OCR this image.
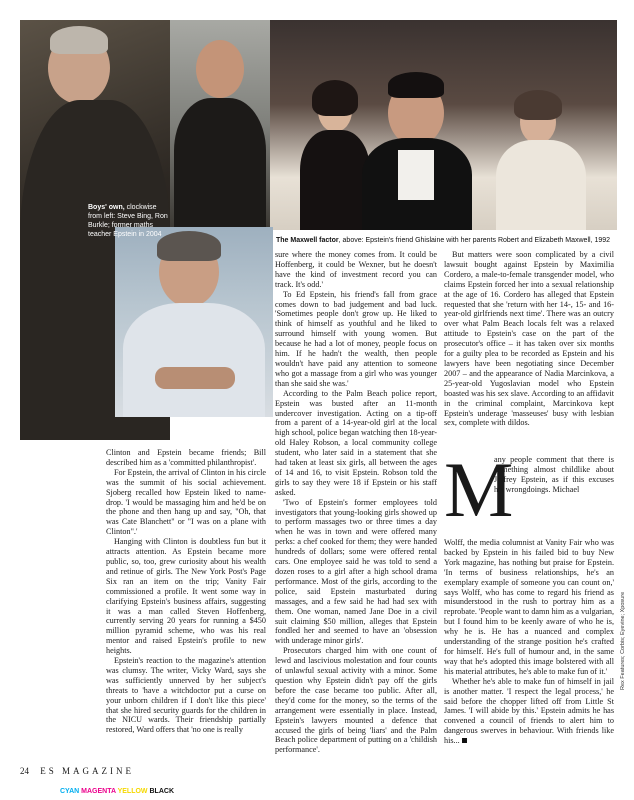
Boys' own, clockwise from left: Steve Bing, Ron Burkle; former maths teacher Epstein in 2004
The Maxwell factor, above: Epstein's friend Ghislaine with her parents Robert and Elizabeth Maxwell, 1992

Clinton and Epstein became friends; Bill described him as a 'committed philanthropist'.

For Epstein, the arrival of Clinton in his circle was the summit of his social achievement. Sjoberg recalled how Epstein liked to name-drop. 'I would be massaging him and he'd be on the phone and then hang up and say, "Oh, that was Cate Blanchett" or "I was on a plane with Clinton".'

Hanging with Clinton is doubtless fun but it attracts attention. As Epstein became more public, so, too, grew curiosity about his wealth and retinue of girls. The New York Post's Page Six ran an item on the trip; Vanity Fair commissioned a profile. It went some way in clarifying Epstein's business affairs, suggesting it was a man called Steven Hoffenberg, currently serving 20 years for running a $450 million pyramid scheme, who was his real mentor and raised Epstein's profile to new heights.

Epstein's reaction to the magazine's attention was clumsy. The writer, Vicky Ward, says she was sufficiently unnerved by her subject's threats to 'have a witchdoctor put a curse on your unborn children if I don't like this piece' that she hired security guards for the children in the NICU wards. Their friendship partially restored, Ward offers that 'no one is really

sure where the money comes from. It could be Hoffenberg, it could be Wexner, but he doesn't have the kind of investment record you can track. It's odd.'

To Ed Epstein, his friend's fall from grace comes down to bad judgement and bad luck. 'Sometimes people don't grow up. He liked to think of himself as youthful and he liked to surround himself with young women. But because he had a lot of money, people focus on him. If he hadn't the wealth, then people wouldn't have paid any attention to someone who got a massage from a girl who was younger than she said she was.'

According to the Palm Beach police report, Epstein was busted after an 11-month undercover investigation. Acting on a tip-off from a parent of a 14-year-old girl at the local high school, police began watching then 18-year-old Haley Robson, a local community college student, who later said in a statement that she had taken at least six girls, all between the ages of 14 and 16, to visit Epstein. Robson told the girls to say they were 18 if Epstein or his staff asked.

'Two of Epstein's former employees told investigators that young-looking girls showed up to perform massages two or three times a day when he was in town and were offered many perks: a chef cooked for them; they were handed hundreds of dollars; some were offered rental cars. One employee said he was told to send a dozen roses to a girl after a high school drama performance. Most of the girls, according to the police, said Epstein masturbated during massages, and a few said he had had sex with them. One woman, named Jane Doe in a civil suit claiming $50 million, alleges that Epstein fondled her and seemed to have an 'obsession with underage minor girls'.

Prosecutors charged him with one count of lewd and lascivious molestation and four counts of unlawful sexual activity with a minor. Some question why Epstein didn't pay off the girls before the case became too public. After all, they'd come for the money, so the terms of the arrangement were essentially in place. Instead, Epstein's lawyers mounted a defence that accused the girls of being 'liars' and the Palm Beach police department of putting on a 'childish performance'.

But matters were soon complicated by a civil lawsuit bought against Epstein by Maximilia Cordero, a male-to-female transgender model, who claims Epstein forced her into a sexual relationship at the age of 16. Cordero has alleged that Epstein requested that she 'return with her 14-, 15- and 16-year-old girlfriends next time'. There was an outcry over what Palm Beach locals felt was a relaxed attitude to Epstein's case on the part of the prosecutor's office – it has taken over six months for a guilty plea to be recorded as Epstein and his lawyers have been negotiating since December 2007 – and the appearance of Nadia Marcinkova, a 25-year-old Yugoslavian model who Epstein boasted was his sex slave. According to an affidavit in the criminal complaint, Marcinkova kept Epstein's underage 'masseuses' busy with lesbian sex, complete with dildos.

M
any people comment that there is something almost childlike about Jeffrey Epstein, as if this excuses his wrongdoings. Michael

Wolff, the media columnist at Vanity Fair who was backed by Epstein in his failed bid to buy New York magazine, has nothing but praise for Epstein. 'In terms of business relationships, he's an exemplary example of someone you can count on,' says Wolff, who has come to regard his friend as misunderstood in the rush to portray him as a reprobate. 'People want to damn him as a vulgarian, but I found him to be keenly aware of who he is, why he is. He has a nuanced and complex understanding of the strange position he's crafted for himself. He's full of humour and, in the same way that he's adopted this image bolstered with all his material attributes, he's able to make fun of it.'

Whether he's able to make fun of himself in jail is another matter. 'I respect the legal process,' he said before the chopper lifted off from Little St James. 'I will abide by this.' Epstein admits he has convened a council of friends to alert him to dangerous swerves in behaviour. With friends like his...

Rex Features; Corbis; Eyevine; Xposure
24 ES MAGAZINE
CYAN MAGENTA YELLOW BLACK
